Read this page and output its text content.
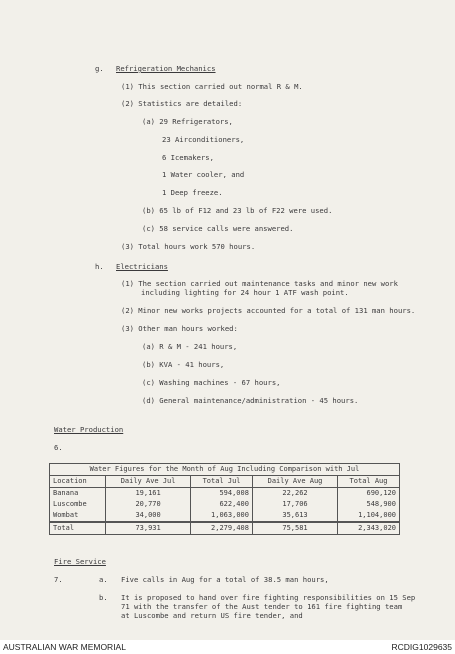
g. Refrigeration Mechanics
(1) This section carried out normal R & M.
(2) Statistics are detailed:
(a) 29 Refrigerators,
23 Airconditioners,
6 Icemakers,
1 Water cooler, and
1 Deep freeze.
(b) 65 lb of F12 and 23 lb of F22 were used.
(c) 58 service calls were answered.
(3) Total hours work 570 hours.
h. Electricians
(1) The section carried out maintenance tasks and minor new work
including lighting for 24 hour 1 ATF wash point.
(2) Minor new works projects accounted for a total of 131 man hours.
(3) Other man hours worked:
(a) R & M - 241 hours,
(b) KVA - 41 hours,
(c) Washing machines - 67 hours,
(d) General maintenance/administration - 45 hours.
Water Production
6.
Water Figures for the Month of Aug Including Comparison with Jul				
Location	Daily Ave Jul	Total Jul	Daily Ave Aug	Total Aug
Banana	19,161	594,008	22,262	690,120
Luscombe	20,770	622,400	17,706	548,900
Wombat	34,000	1,063,000	35,613	1,104,000
Total	73,931	2,279,408	75,581	2,343,020
Fire Service
7.	a. Five calls in Aug for a total of 38.5 man hours,
b. It is proposed to hand over fire fighting responsibilities on 15 Sep
71 with the transfer of the Aust tender to 161 fire fighting team
at Luscombe and return US fire tender, and
AUSTRALIAN WAR MEMORIAL	RCDIG1029635
